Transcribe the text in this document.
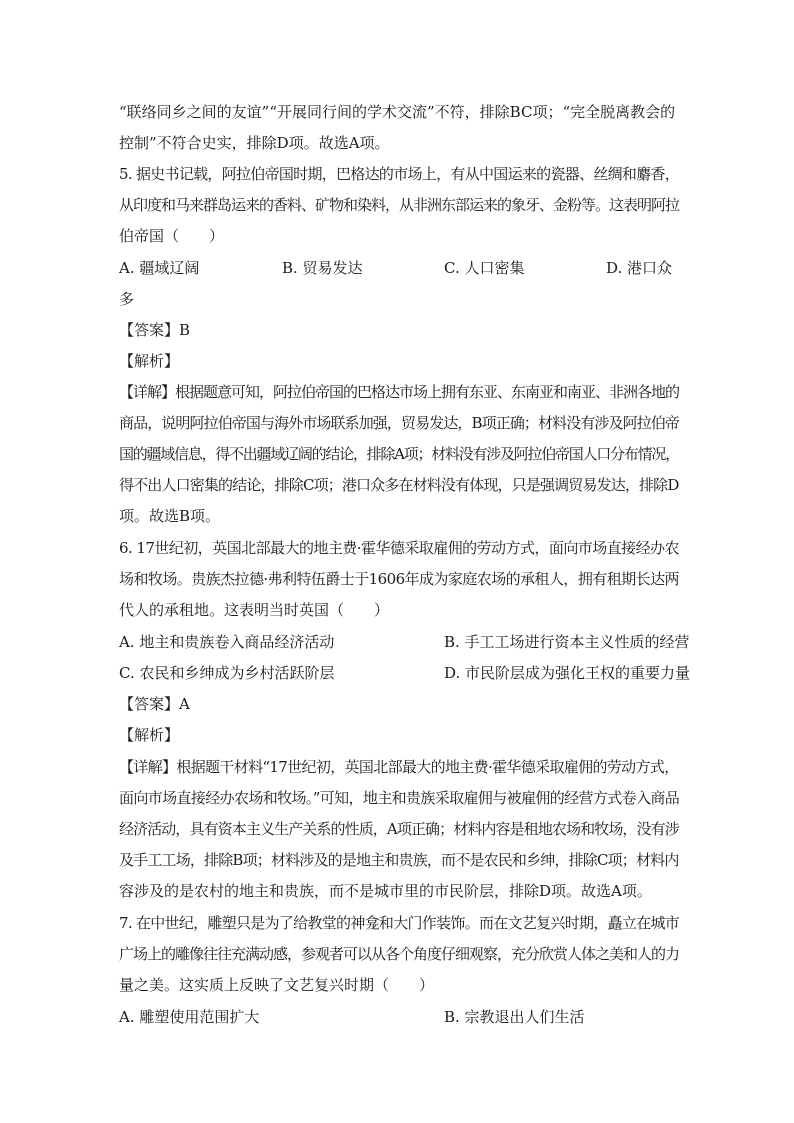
“联络同乡之间的友谊”“开展同行间的学术交流”不符，排除BC项；“完全脱离教会的
控制”不符合史实，排除D项。故选A项。
5. 据史书记载，阿拉伯帝国时期，巴格达的市场上，有从中国运来的瓷器、丝绸和麝香，
从印度和马来群岛运来的香料、矿物和染料，从非洲东部运来的象牙、金粉等。这表明阿拉
伯帝国（　　）
A. 疆域辽阔	B. 贸易发达	C. 人口密集	D. 港口众
多
【答案】B
【解析】
【详解】根据题意可知，阿拉伯帝国的巴格达市场上拥有东亚、东南亚和南亚、非洲各地的
商品，说明阿拉伯帝国与海外市场联系加强，贸易发达，B项正确；材料没有涉及阿拉伯帝
国的疆域信息，得不出疆域辽阔的结论，排除A项；材料没有涉及阿拉伯帝国人口分布情况，
得不出人口密集的结论，排除C项；港口众多在材料没有体现，只是强调贸易发达，排除D
项。故选B项。
6. 17世纪初，英国北部最大的地主费·霍华德采取雇佣的劳动方式，面向市场直接经办农
场和牧场。贵族杰拉德·弗利特伍爵士于1606年成为家庭农场的承租人，拥有租期长达两
代人的承租地。这表明当时英国（　　）
A. 地主和贵族卷入商品经济活动	B. 手工工场进行资本主义性质的经营
C. 农民和乡绅成为乡村活跃阶层	D. 市民阶层成为强化王权的重要力量
【答案】A
【解析】
【详解】根据题干材料“17世纪初，英国北部最大的地主费·霍华德采取雇佣的劳动方式，
面向市场直接经办农场和牧场。”可知，地主和贵族采取雇佣与被雇佣的经营方式卷入商品
经济活动，具有资本主义生产关系的性质，A项正确；材料内容是租地农场和牧场，没有涉
及手工工场，排除B项；材料涉及的是地主和贵族，而不是农民和乡绅，排除C项；材料内
容涉及的是农村的地主和贵族，而不是城市里的市民阶层，排除D项。故选A项。
7. 在中世纪，雕塑只是为了给教堂的神龛和大门作装饰。而在文艺复兴时期，矗立在城市
广场上的雕像往往充满动感，参观者可以从各个角度仔细观察，充分欣赏人体之美和人的力
量之美。这实质上反映了文艺复兴时期（　　）
A. 雕塑使用范围扩大	B. 宗教退出人们生活
